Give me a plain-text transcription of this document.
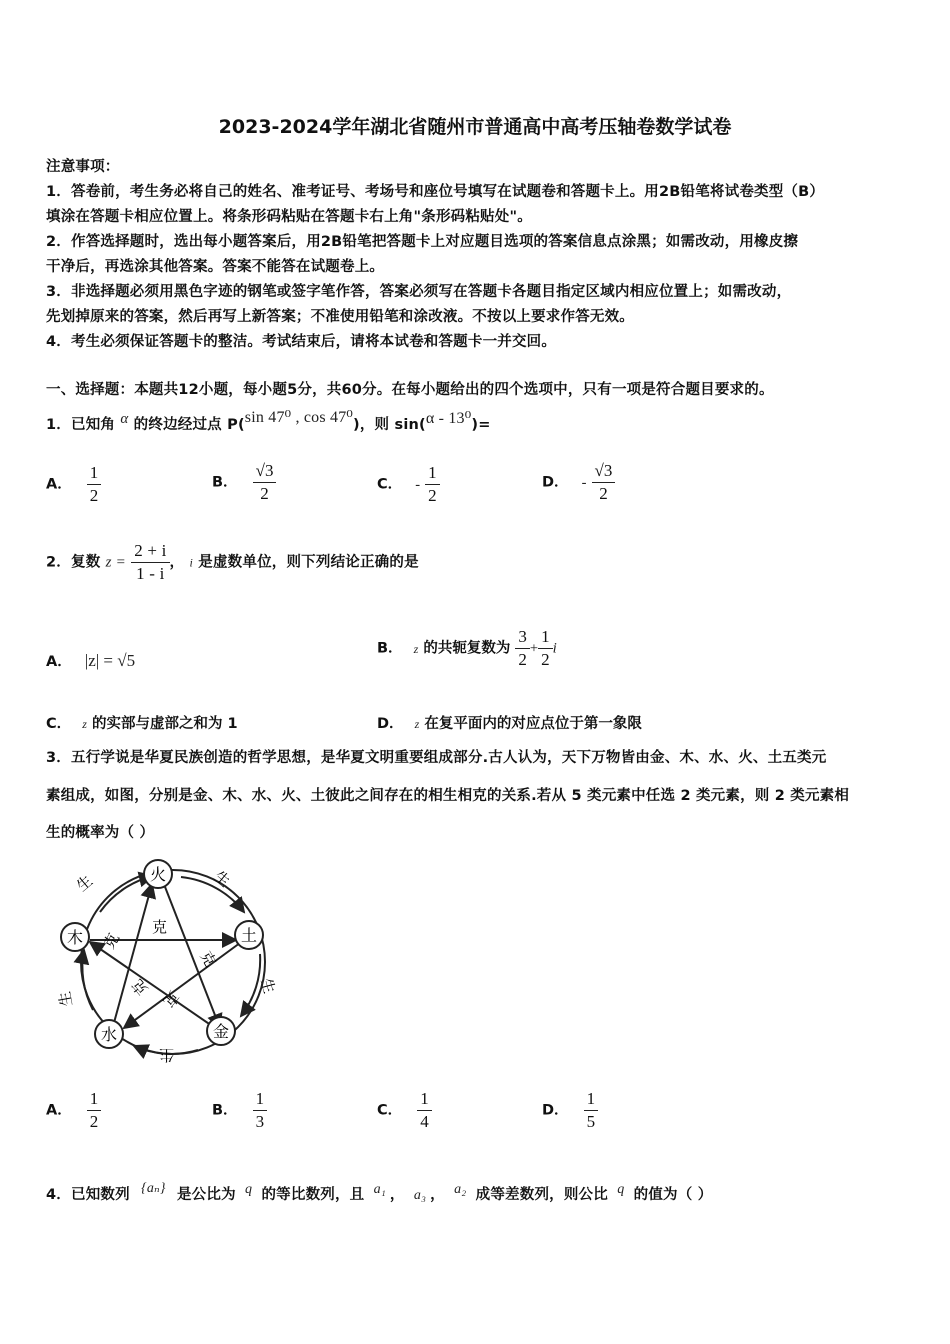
2023-2024学年湖北省随州市普通高中高考压轴卷数学试卷
注意事项：
1．答卷前，考生务必将自己的姓名、准考证号、考场号和座位号填写在试题卷和答题卡上。用2B铅笔将试卷类型（B）
填涂在答题卡相应位置上。将条形码粘贴在答题卡右上角"条形码粘贴处"。
2．作答选择题时，选出每小题答案后，用2B铅笔把答题卡上对应题目选项的答案信息点涂黑；如需改动，用橡皮擦
干净后，再选涂其他答案。答案不能答在试题卷上。
3．非选择题必须用黑色字迹的钢笔或签字笔作答，答案必须写在答题卡各题目指定区域内相应位置上；如需改动，
先划掉原来的答案，然后再写上新答案；不准使用铅笔和涂改液。不按以上要求作答无效。
4．考生必须保证答题卡的整洁。考试结束后，请将本试卷和答题卡一并交回。
一、选择题：本题共12小题，每小题5分，共60分。在每小题给出的四个选项中，只有一项是符合题目要求的。
1．已知角 α 的终边经过点 P(sin 47⁰ , cos 47⁰)，则 sin(α - 13⁰)=
A． $\frac{1}{2}$	B． $\frac{√3}{2}$	C． - $\frac{1}{2}$	D． - $\frac{√3}{2}$
2．复数 $z = \frac{2 + i}{1 - i}$ ， i 是虚数单位，则下列结论正确的是
A． |z| = √5
B． z 的共轭复数为 $\frac{3}{2} + \frac{1}{2}$ i
C． z 的实部与虚部之和为 1	D． z 在复平面内的对应点位于第一象限
3．五行学说是华夏民族创造的哲学思想，是华夏文明重要组成部分.古人认为，天下万物皆由金、木、水、火、土五类元
素组成，如图，分别是金、木、水、火、土彼此之间存在的相生相克的关系.若从 5 类元素中任选 2 类元素，则 2 类元素相
生的概率为（ ）
火
土
金
水
木
生	生
生
生
生
克
克
克
克
克
A． $\frac{1}{2}$	B． $\frac{1}{3}$	C． $\frac{1}{4}$	D． $\frac{1}{5}$
4．已知数列 {aₙ} 是公比为 q 的等比数列，且 a₁ ， a₃ ， a₂ 成等差数列，则公比 q 的值为（ ）
